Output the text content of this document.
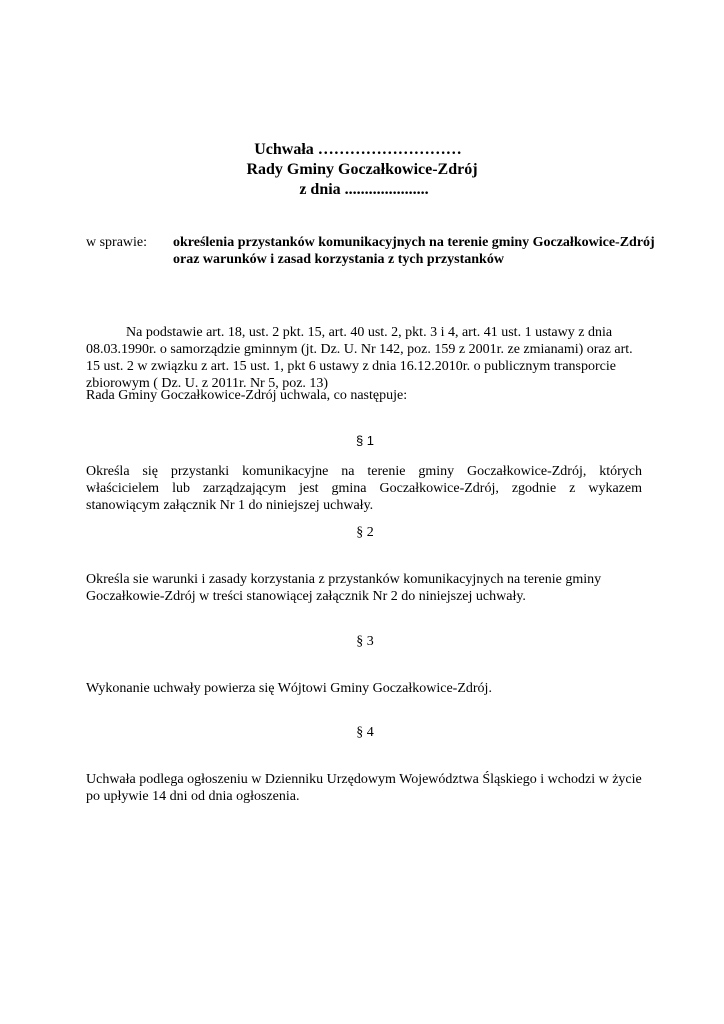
Uchwała ………………………
Rady Gminy Goczałkowice-Zdrój
z dnia .....................
w sprawie: określenia przystanków komunikacyjnych na terenie gminy Goczałkowice-Zdrój
oraz warunków i zasad korzystania z tych przystanków
Na podstawie art. 18, ust. 2 pkt. 15, art. 40 ust. 2, pkt. 3 i 4, art. 41 ust. 1 ustawy z dnia 08.03.1990r. o samorządzie gminnym (jt. Dz. U. Nr 142, poz. 159 z 2001r. ze zmianami) oraz art. 15 ust. 2 w związku z art. 15 ust. 1, pkt 6 ustawy z dnia 16.12.2010r. o publicznym transporcie zbiorowym ( Dz. U. z 2011r. Nr 5, poz. 13)
Rada Gminy Goczałkowice-Zdrój uchwala, co następuje:
§ 1
Określa się przystanki komunikacyjne na terenie gminy Goczałkowice-Zdrój, których właścicielem lub zarządzającym jest gmina Goczałkowice-Zdrój, zgodnie z wykazem stanowiącym załącznik Nr 1 do niniejszej uchwały.
§ 2
Określa sie warunki i zasady korzystania z przystanków komunikacyjnych na terenie gminy Goczałkowie-Zdrój w treści stanowiącej załącznik Nr 2 do niniejszej uchwały.
§ 3
Wykonanie uchwały powierza się Wójtowi Gminy Goczałkowice-Zdrój.
§ 4
Uchwała podlega ogłoszeniu w Dzienniku Urzędowym Województwa Śląskiego i wchodzi w życie po upływie 14 dni od dnia ogłoszenia.
